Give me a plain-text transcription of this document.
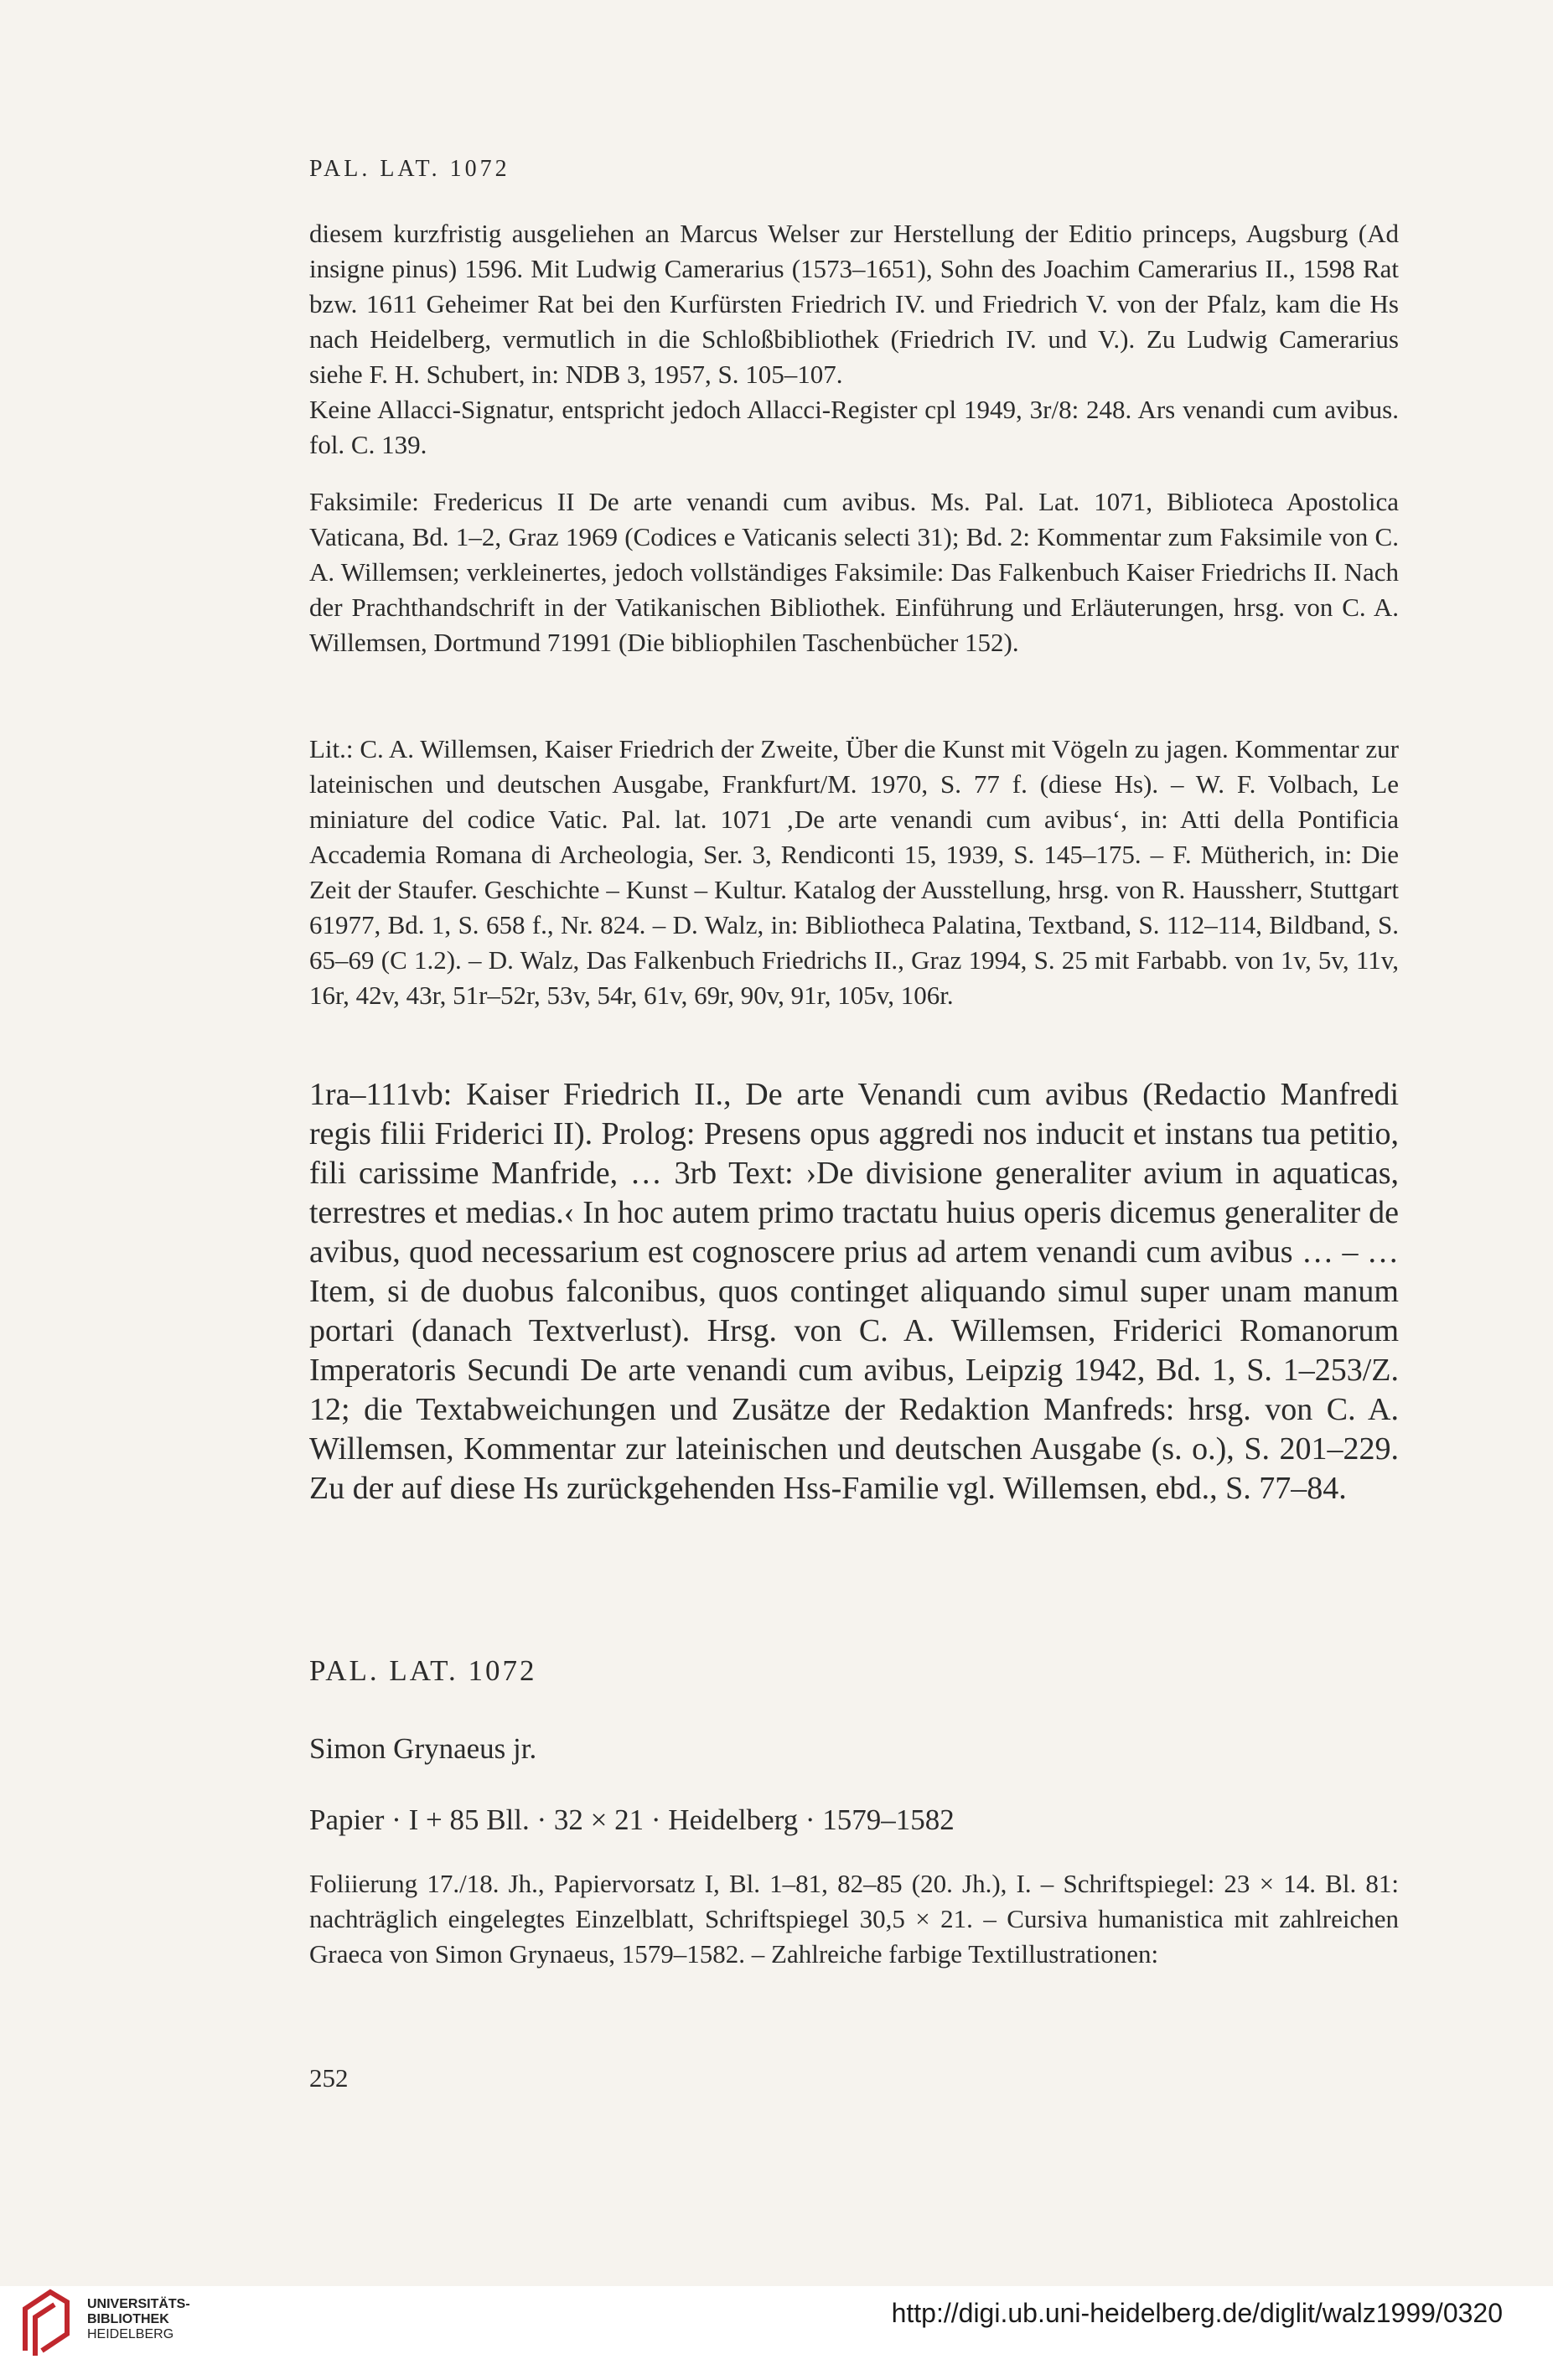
PAL. LAT. 1072

diesem kurzfristig ausgeliehen an Marcus Welser zur Herstellung der Editio princeps, Augsburg (Ad insigne pinus) 1596. Mit Ludwig Camerarius (1573–1651), Sohn des Joachim Camerarius II., 1598 Rat bzw. 1611 Geheimer Rat bei den Kurfürsten Friedrich IV. und Friedrich V. von der Pfalz, kam die Hs nach Heidelberg, vermutlich in die Schloßbibliothek (Friedrich IV. und V.). Zu Ludwig Camerarius siehe F. H. Schubert, in: NDB 3, 1957, S. 105–107.

Keine Allacci-Signatur, entspricht jedoch Allacci-Register cpl 1949, 3r/8: 248. Ars venandi cum avibus. fol. C. 139.

Faksimile: Fredericus II De arte venandi cum avibus. Ms. Pal. Lat. 1071, Biblioteca Apostolica Vaticana, Bd. 1–2, Graz 1969 (Codices e Vaticanis selecti 31); Bd. 2: Kommentar zum Faksimile von C. A. Willemsen; verkleinertes, jedoch vollständiges Faksimile: Das Falkenbuch Kaiser Friedrichs II. Nach der Prachthandschrift in der Vatikanischen Bibliothek. Einführung und Erläuterungen, hrsg. von C. A. Willemsen, Dortmund 71991 (Die bibliophilen Taschenbücher 152).
Lit.: C. A. Willemsen, Kaiser Friedrich der Zweite, Über die Kunst mit Vögeln zu jagen. Kommentar zur lateinischen und deutschen Ausgabe, Frankfurt/M. 1970, S. 77 f. (diese Hs). – W. F. Volbach, Le miniature del codice Vatic. Pal. lat. 1071 ‚De arte venandi cum avibus‘, in: Atti della Pontificia Accademia Romana di Archeologia, Ser. 3, Rendiconti 15, 1939, S. 145–175. – F. Mütherich, in: Die Zeit der Staufer. Geschichte – Kunst – Kultur. Katalog der Ausstellung, hrsg. von R. Haussherr, Stuttgart 61977, Bd. 1, S. 658 f., Nr. 824. – D. Walz, in: Bibliotheca Palatina, Textband, S. 112–114, Bildband, S. 65–69 (C 1.2). – D. Walz, Das Falkenbuch Friedrichs II., Graz 1994, S. 25 mit Farbabb. von 1v, 5v, 11v, 16r, 42v, 43r, 51r–52r, 53v, 54r, 61v, 69r, 90v, 91r, 105v, 106r.
1ra–111vb: Kaiser Friedrich II., De arte Venandi cum avibus (Redactio Manfredi regis filii Friderici II). Prolog: Presens opus aggredi nos inducit et instans tua petitio, fili carissime Manfride, … 3rb Text: ›De divisione generaliter avium in aquaticas, terrestres et medias.‹ In hoc autem primo tractatu huius operis dicemus generaliter de avibus, quod necessarium est cognoscere prius ad artem venandi cum avibus … – … Item, si de duobus falconibus, quos continget aliquando simul super unam manum portari (danach Textverlust). Hrsg. von C. A. Willemsen, Friderici Romanorum Imperatoris Secundi De arte venandi cum avibus, Leipzig 1942, Bd. 1, S. 1–253/Z. 12; die Textabweichungen und Zusätze der Redaktion Manfreds: hrsg. von C. A. Willemsen, Kommentar zur lateinischen und deutschen Ausgabe (s. o.), S. 201–229. Zu der auf diese Hs zurückgehenden Hss-Familie vgl. Willemsen, ebd., S. 77–84.
PAL. LAT. 1072
Simon Grynaeus jr.
Papier · I + 85 Bll. · 32 × 21 · Heidelberg · 1579–1582
Foliierung 17./18. Jh., Papiervorsatz I, Bl. 1–81, 82–85 (20. Jh.), I. – Schriftspiegel: 23 × 14. Bl. 81: nachträglich eingelegtes Einzelblatt, Schriftspiegel 30,5 × 21. – Cursiva humanistica mit zahlreichen Graeca von Simon Grynaeus, 1579–1582. – Zahlreiche farbige Textillustrationen:
252
UNIVERSITÄTS-
BIBLIOTHEK
HEIDELBERG
http://digi.ub.uni-heidelberg.de/diglit/walz1999/0320
